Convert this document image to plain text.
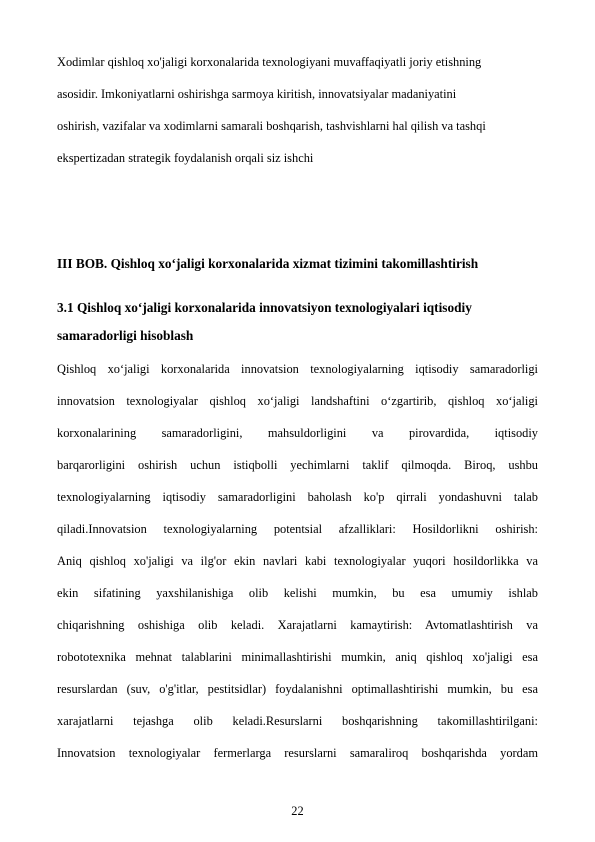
Xodimlar qishloq xo'jaligi korxonalarida texnologiyani muvaffaqiyatli joriy etishning
asosidir. Imkoniyatlarni oshirishga sarmoya kiritish, innovatsiyalar madaniyatini
oshirish, vazifalar va xodimlarni samarali boshqarish, tashvishlarni hal qilish va tashqi
ekspertizadan strategik foydalanish orqali siz ishchi
III BOB. Qishloq xo‘jaligi korxonalarida xizmat tizimini takomillashtirish
3.1 Qishloq xo‘jaligi korxonalarida innovatsiyon texnologiyalari iqtisodiy
samaradorligi hisoblash
Qishloq xo‘jaligi korxonalarida innovatsion texnologiyalarning iqtisodiy samaradorligi
innovatsion texnologiyalar qishloq xo‘jaligi landshaftini o‘zgartirib, qishloq xo‘jaligi
korxonalarining samaradorligini, mahsuldorligini va pirovardida, iqtisodiy
barqarorligini oshirish uchun istiqbolli yechimlarni taklif qilmoqda. Biroq, ushbu
texnologiyalarning iqtisodiy samaradorligini baholash ko'p qirrali yondashuvni talab
qiladi.Innovatsion texnologiyalarning potentsial afzalliklari: Hosildorlikni oshirish:
Aniq qishloq xo'jaligi va ilg'or ekin navlari kabi texnologiyalar yuqori hosildorlikka va
ekin sifatining yaxshilanishiga olib kelishi mumkin, bu esa umumiy ishlab
chiqarishning oshishiga olib keladi. Xarajatlarni kamaytirish: Avtomatlashtirish va
robototexnika mehnat talablarini minimallashtirishi mumkin, aniq qishloq xo'jaligi esa
resurslardan (suv, o'g'itlar, pestitsidlar) foydalanishni optimallashtirishi mumkin, bu esa
xarajatlarni tejashga olib keladi.Resurslarni boshqarishning takomillashtirilgani:
Innovatsion texnologiyalar fermerlarga resurslarni samaraliroq boshqarishda yordam
22
